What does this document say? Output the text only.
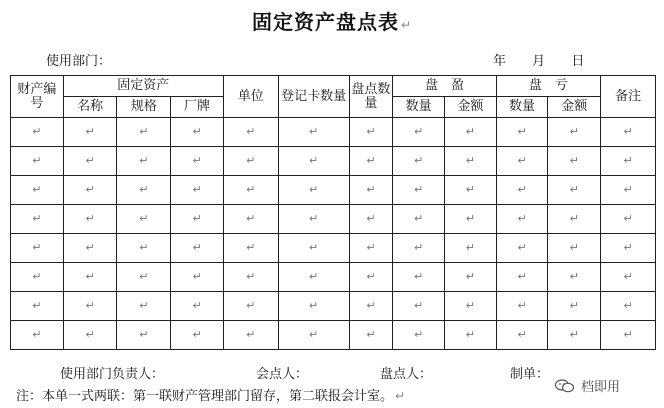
固定资产盘点表 ↵
使用部门：	年 月 日
财产编号	固定资产			单位	登记卡数量	盘点数量	盘　盈		盘　亏		备注
	名称	规格	厂牌				数量	金额	数量	金额	
↵	↵	↵	↵	↵	↵	↵	↵	↵	↵	↵	↵
↵	↵	↵	↵	↵	↵	↵	↵	↵	↵	↵	↵
↵	↵	↵	↵	↵	↵	↵	↵	↵	↵	↵	↵
↵	↵	↵	↵	↵	↵	↵	↵	↵	↵	↵	↵
↵	↵	↵	↵	↵	↵	↵	↵	↵	↵	↵	↵
↵	↵	↵	↵	↵	↵	↵	↵	↵	↵	↵	↵
↵	↵	↵	↵	↵	↵	↵	↵	↵	↵	↵	↵
↵	↵	↵	↵	↵	↵	↵	↵	↵	↵	↵	↵
使用部门负责人：	会点人：	盘点人：	制单：
注：本单一式两联：第一联财产管理部门留存，第二联报会计室。 ↵
档即用
